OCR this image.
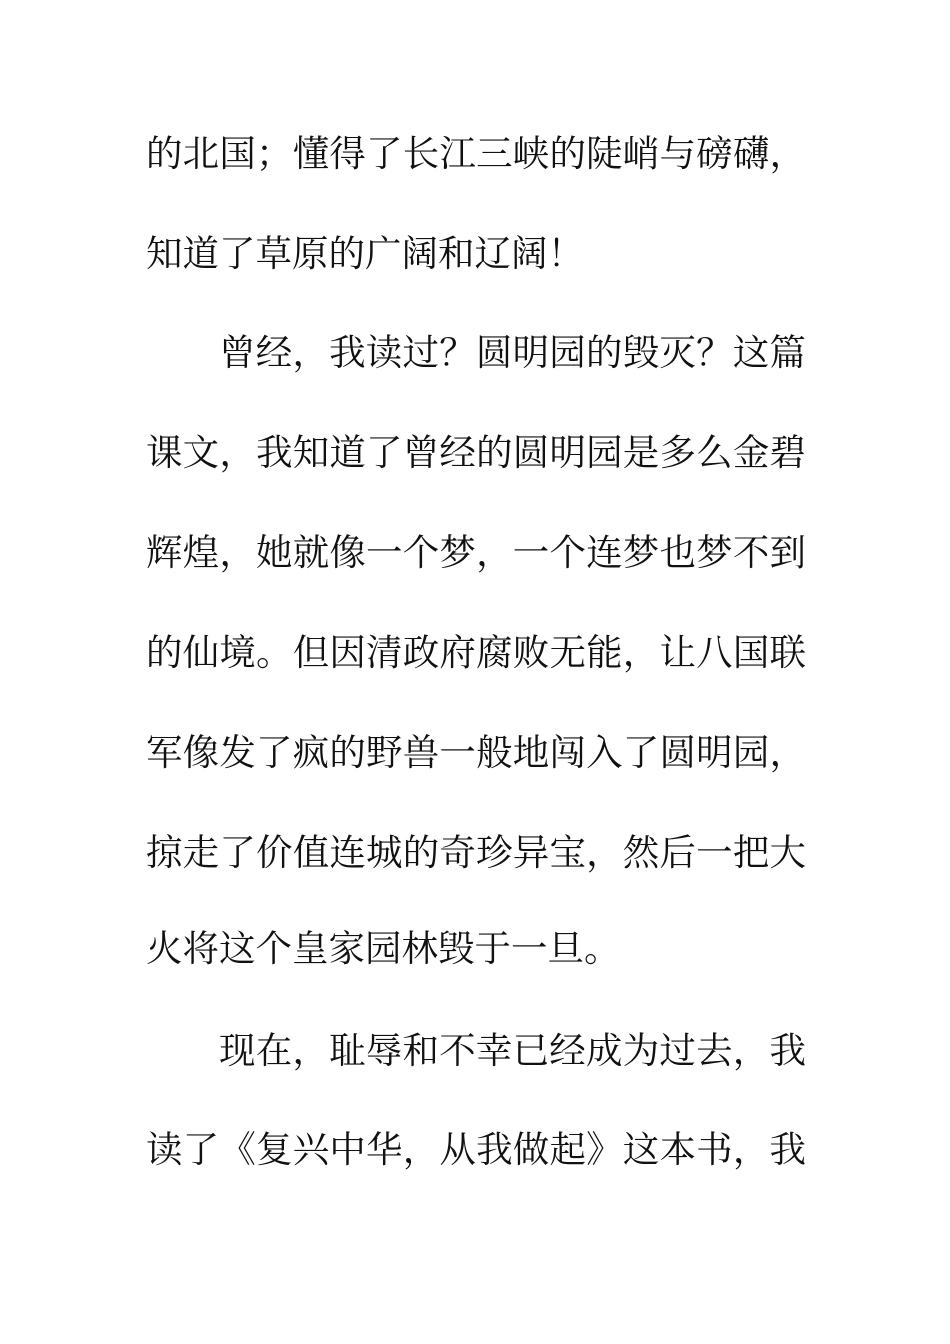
的北国；懂得了长江三峡的陡峭与磅礴，
知道了草原的广阔和辽阔！
曾经，我读过？圆明园的毁灭？这篇
课文，我知道了曾经的圆明园是多么金碧
辉煌，她就像一个梦，一个连梦也梦不到
的仙境。但因清政府腐败无能，让八国联
军像发了疯的野兽一般地闯入了圆明园，
掠走了价值连城的奇珍异宝，然后一把大
火将这个皇家园林毁于一旦。
现在，耻辱和不幸已经成为过去，我
读了《复兴中华，从我做起》这本书，我
